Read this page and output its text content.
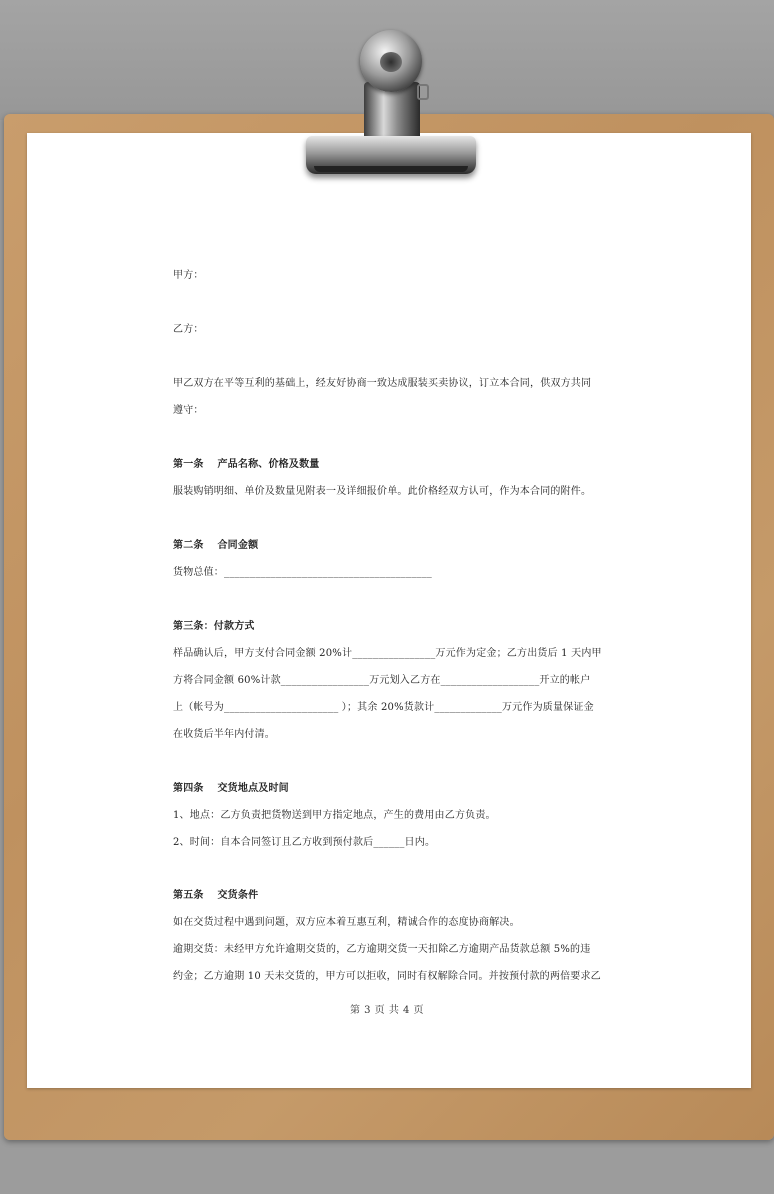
甲方：
乙方：
甲乙双方在平等互利的基础上，经友好协商一致达成服装买卖协议，订立本合同，供双方共同
遵守：
第一条　 产品名称、价格及数量
服装购销明细、单价及数量见附表一及详细报价单。此价格经双方认可，作为本合同的附件。
第二条　 合同金额
货物总值：________________________________________
第三条：付款方式
样品确认后，甲方支付合同金额 20%计________________万元作为定金；乙方出货后 1 天内甲
方将合同金额 60%计款_________________万元划入乙方在___________________开立的帐户
上（帐号为______________________ ）；其余 20%货款计_____________万元作为质量保证金
在收货后半年内付清。
第四条　 交货地点及时间
1、地点：乙方负责把货物送到甲方指定地点，产生的费用由乙方负责。
2、时间：自本合同签订且乙方收到预付款后______日内。
第五条　 交货条件
如在交货过程中遇到问题，双方应本着互惠互利，精诚合作的态度协商解决。
逾期交货：未经甲方允许逾期交货的，乙方逾期交货一天扣除乙方逾期产品货款总额 5%的违
约金；乙方逾期 10 天未交货的，甲方可以拒收，同时有权解除合同。并按预付款的两倍要求乙
第 3 页 共 4 页
